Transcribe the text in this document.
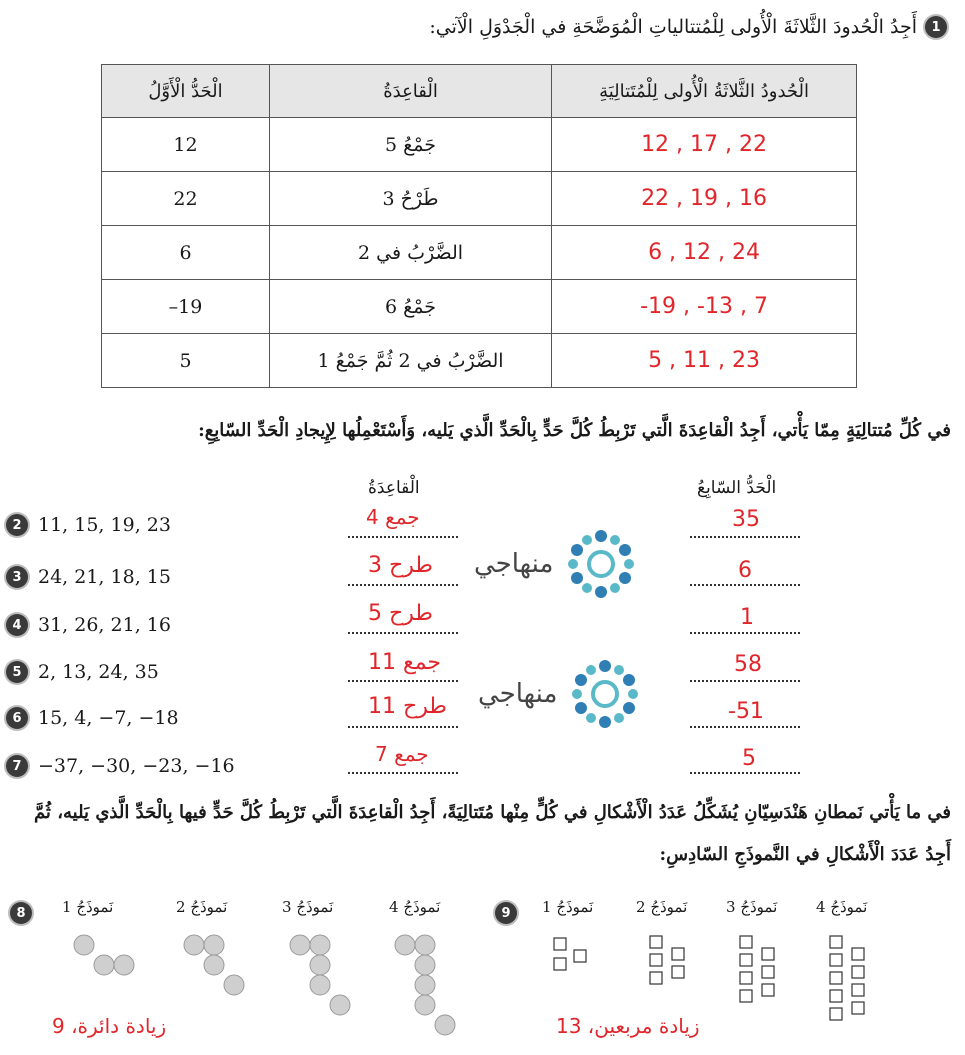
1
أَجِدُ الْحُدودَ الثَّلاثَةَ الْأُولى لِلْمُتتالياتِ الْمُوَضَّحَةِ في الْجَدْوَلِ الْآتي:
الْحَدُّ الْأَوَّلُ	الْقاعِدَةُ	الْحُدودُ الثَّلاثَةُ الْأُولى لِلْمُتَتالِيَةِ
12	جَمْعُ 5	12 , 17 , 22
22	طَرْحُ 3	22 , 19 , 16
6	الضَّرْبُ في 2	6 , 12 , 24
–19	جَمْعُ 6	-19 , -13 , 7
5	الضَّرْبُ في 2 ثُمَّ جَمْعُ 1	5 , 11 , 23
في كُلِّ مُتتالِيَةٍ مِمّا يَأْتي، أَجِدُ الْقاعِدَةَ الَّتي تَرْبِطُ كُلَّ حَدٍّ بِالْحَدِّ الَّذي يَليه، وَأَسْتَعْمِلُها لِإِيجادِ الْحَدِّ السّابِعِ:
الْقاعِدَةُ	الْحَدُّ السّابِعُ
2 11, 15, 19, 23	جمع 4	35
3 24, 21, 18, 15	طرح 3	6
4 31, 26, 21, 16	طرح 5	1
5 2, 13, 24, 35	جمع 11	58
6 15, 4, −7, −18	طرح 11	-51
7 −37, −30, −23, −16	جمع 7	5
منهاجي
منهاجي
في ما يَأْتي نَمطانِ هَنْدَسِيّانِ يُشَكِّلُ عَدَدُ الْأَشْكالِ في كُلٍّ مِنْها مُتَتالِيَةً، أَجِدُ الْقاعِدَةَ الَّتي تَرْبِطُ كُلَّ حَدٍّ فيها بِالْحَدِّ الَّذي يَليه، ثُمَّ
أَجِدُ عَدَدَ الْأَشْكالِ في النَّموذَجِ السّادِسِ:
8	نَموذَجُ 1	نَموذَجُ 2	نَموذَجُ 3	نَموذَجُ 4
زيادة دائرة، 9
9	نَموذَجُ 1	نَموذَجُ 2	نَموذَجُ 3	نَموذَجُ 4
زيادة مربعين، 13
